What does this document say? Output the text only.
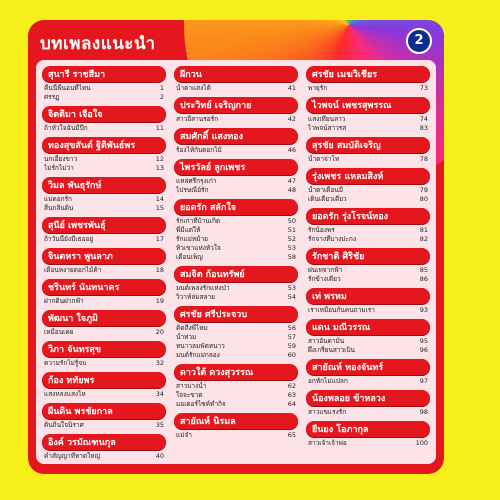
บทเพลงแนะนำ	2
สุนารี ราชสีมา
คืนนี้พี่นอนที่ไหน	1
ศรรฏ	2
จิตติมา เจือใจ
ถ้าหัวใจฉันมีปีก	11
ทองสุขสันต์ ฐิติพันธ์พร
นกเอี้ยงขาว	12
ไม่รักไม่ว่า	13
วิมล พันธุรักษ์
แม่ดอกรัก	14
สิ้นกลิ่นดิน	15
สุนีย์ เพชรพันธุ์
ถ้าวันนี้ยังมีเธออยู่	17
จินตหรา พูนลาภ
เดือนหงายดอกไม้ค้า	18
ชรินทร์ นันทนาคร
ฝากดินฝากฟ้า	19
พัฒนา ใจภูมิ
เหมือนเคย	20
วิภา จันทรสุข
ความรักไม่รู้จบ	32
ก้อง หทัยพร
แสงหลงแสงไห	34
ผืนดิน พรชัยกาล
ดินถิ่นใจนิราศ	35
อิงค์ วรมัณฑนกุล
คำสัญญาที่หาดใหญ่	40
ผีกวน
น้ำตาแสงไต้	41
ประวิทย์ เจริญกาย
สาวอีสานรอรัก	42
สมศักดิ์ แสงทอง
ร้องไห้กับดอกไม้	46
ไพรวัลย์ ลูกเพชร
แหล่ศรีกรุงเก่า	47
ไปรษณีย์รัก	48
ยอดรัก สลักใจ
รักเก่าที่บ้านเกิด	50
พี่มีแต่ให้	51
รักแม่หม้าย	52
ทิวเขาแห่งหัวใจ	53
เดือนเพ็ญ	58
สมจิต ก้อนทรัพย์
มนต์เพลงรักแห่งป่า	53
วิวาห์ล่มสลาย	54
ศรชัย ศรีประจวบ
คิดถึงพี่ไหม	56
น้ำท่วม	57
หนาวลมพัดหนาว	59
มนต์รักแม่กลอง	60
ดาวใต้ ดวงสุวรรณ
สาวบางน้ำ	62
ใจจะขาด	63
มอเตอร์ไซค์ทำกิจ	64
สายัณห์ นิรมล
แม่จ๋า	65
ศรชัย เมฆวิเชียร
พายุรัก	73
ไวพจน์ เพชรสุพรรณ
แสงเทียนลาว	74
ไวพจน์สาวรส	83
สุรชัย สมบัติเจริญ
น้ำตาจ่าโท	78
รุ่งเพชร แหลมสิงห์
น้ำตาเดือนมี	79
เดินเดียวเดียว	80
ยอดรัก รุ่งโรจน์ทอง
รักน้องพร	81
รักจางที่บางปะกง	82
รักชาติ ศิริชัย
ฝนเทจากฟ้า	85
รักข้างเดียว	86
เท่ พรหม
เราเหมือนกันคนถามเรา	93
แดน มณีวรรณ
สาวอันดามัน	95
ผึ้งเกรียนสาวเป็น	96
สายัณห์ ทองจันทร์
อกหักไม่แปลก	97
น้องพลอย ข้าหลวง
สาวแขแรงรัก	98
ยืนยง โอภากุล
สาวเจ้าเจ้าพ่อ	100
